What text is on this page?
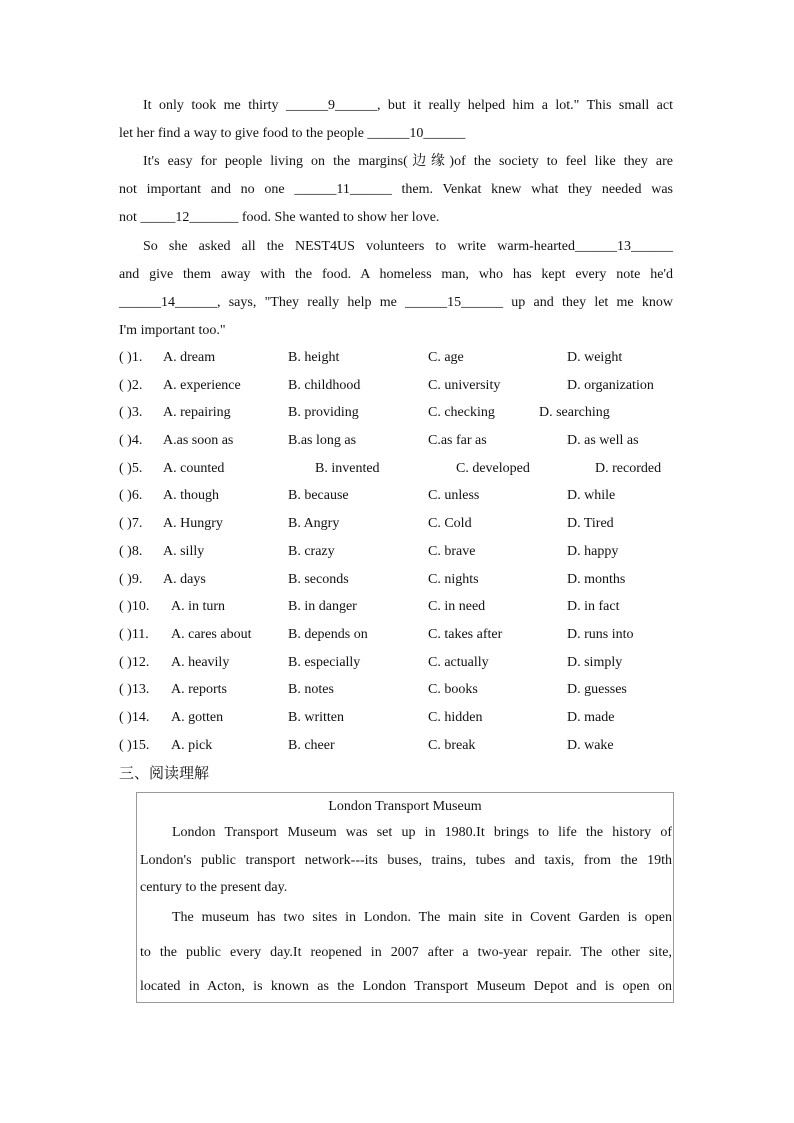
It only took me thirty ______9______, but it really helped him a lot." This small act
let her find a way to give food to the people ______10______
It's easy for people living on the margins(边缘)of the society to feel like they are
not important and no one ______11______ them. Venkat knew what they needed was
not _____12_______ food. She wanted to show her love.
So she asked all the NEST4US volunteers to write warm-hearted______13______
and give them away with the food. A homeless man, who has kept every note he'd
______14______, says, "They really help me ______15______ up and they let me know
I'm important too."
( )1. A. dream	B. height	C. age	D. weight
( )2. A. experience	B. childhood	C. university	D. organization
( )3. A. repairing	B. providing	C. checking	D. searching
( )4. A.as soon as	B.as long as	C.as far as	D. as well as
( )5. A. counted	B. invented	C. developed	D. recorded
( )6. A. though	B. because	C. unless	D. while
( )7. A. Hungry	B. Angry	C. Cold	D. Tired
( )8. A. silly	B. crazy	C. brave	D. happy
( )9. A. days	B. seconds	C. nights	D. months
( )10. A. in turn	B. in danger	C. in need	D. in fact
( )11. A. cares about	B. depends on	C. takes after	D. runs into
( )12. A. heavily	B. especially	C. actually	D. simply
( )13. A. reports	B. notes	C. books	D. guesses
( )14. A. gotten	B. written	C. hidden	D. made
( )15. A. pick	B. cheer	C. break	D. wake
三、阅读理解
London Transport Museum
London Transport Museum was set up in 1980.It brings to life the history of
London's public transport network---its buses, trains, tubes and taxis, from the 19th
century to the present day.
The museum has two sites in London. The main site in Covent Garden is open
to the public every day.It reopened in 2007 after a two-year repair. The other site,
located in Acton, is known as the London Transport Museum Depot and is open on
